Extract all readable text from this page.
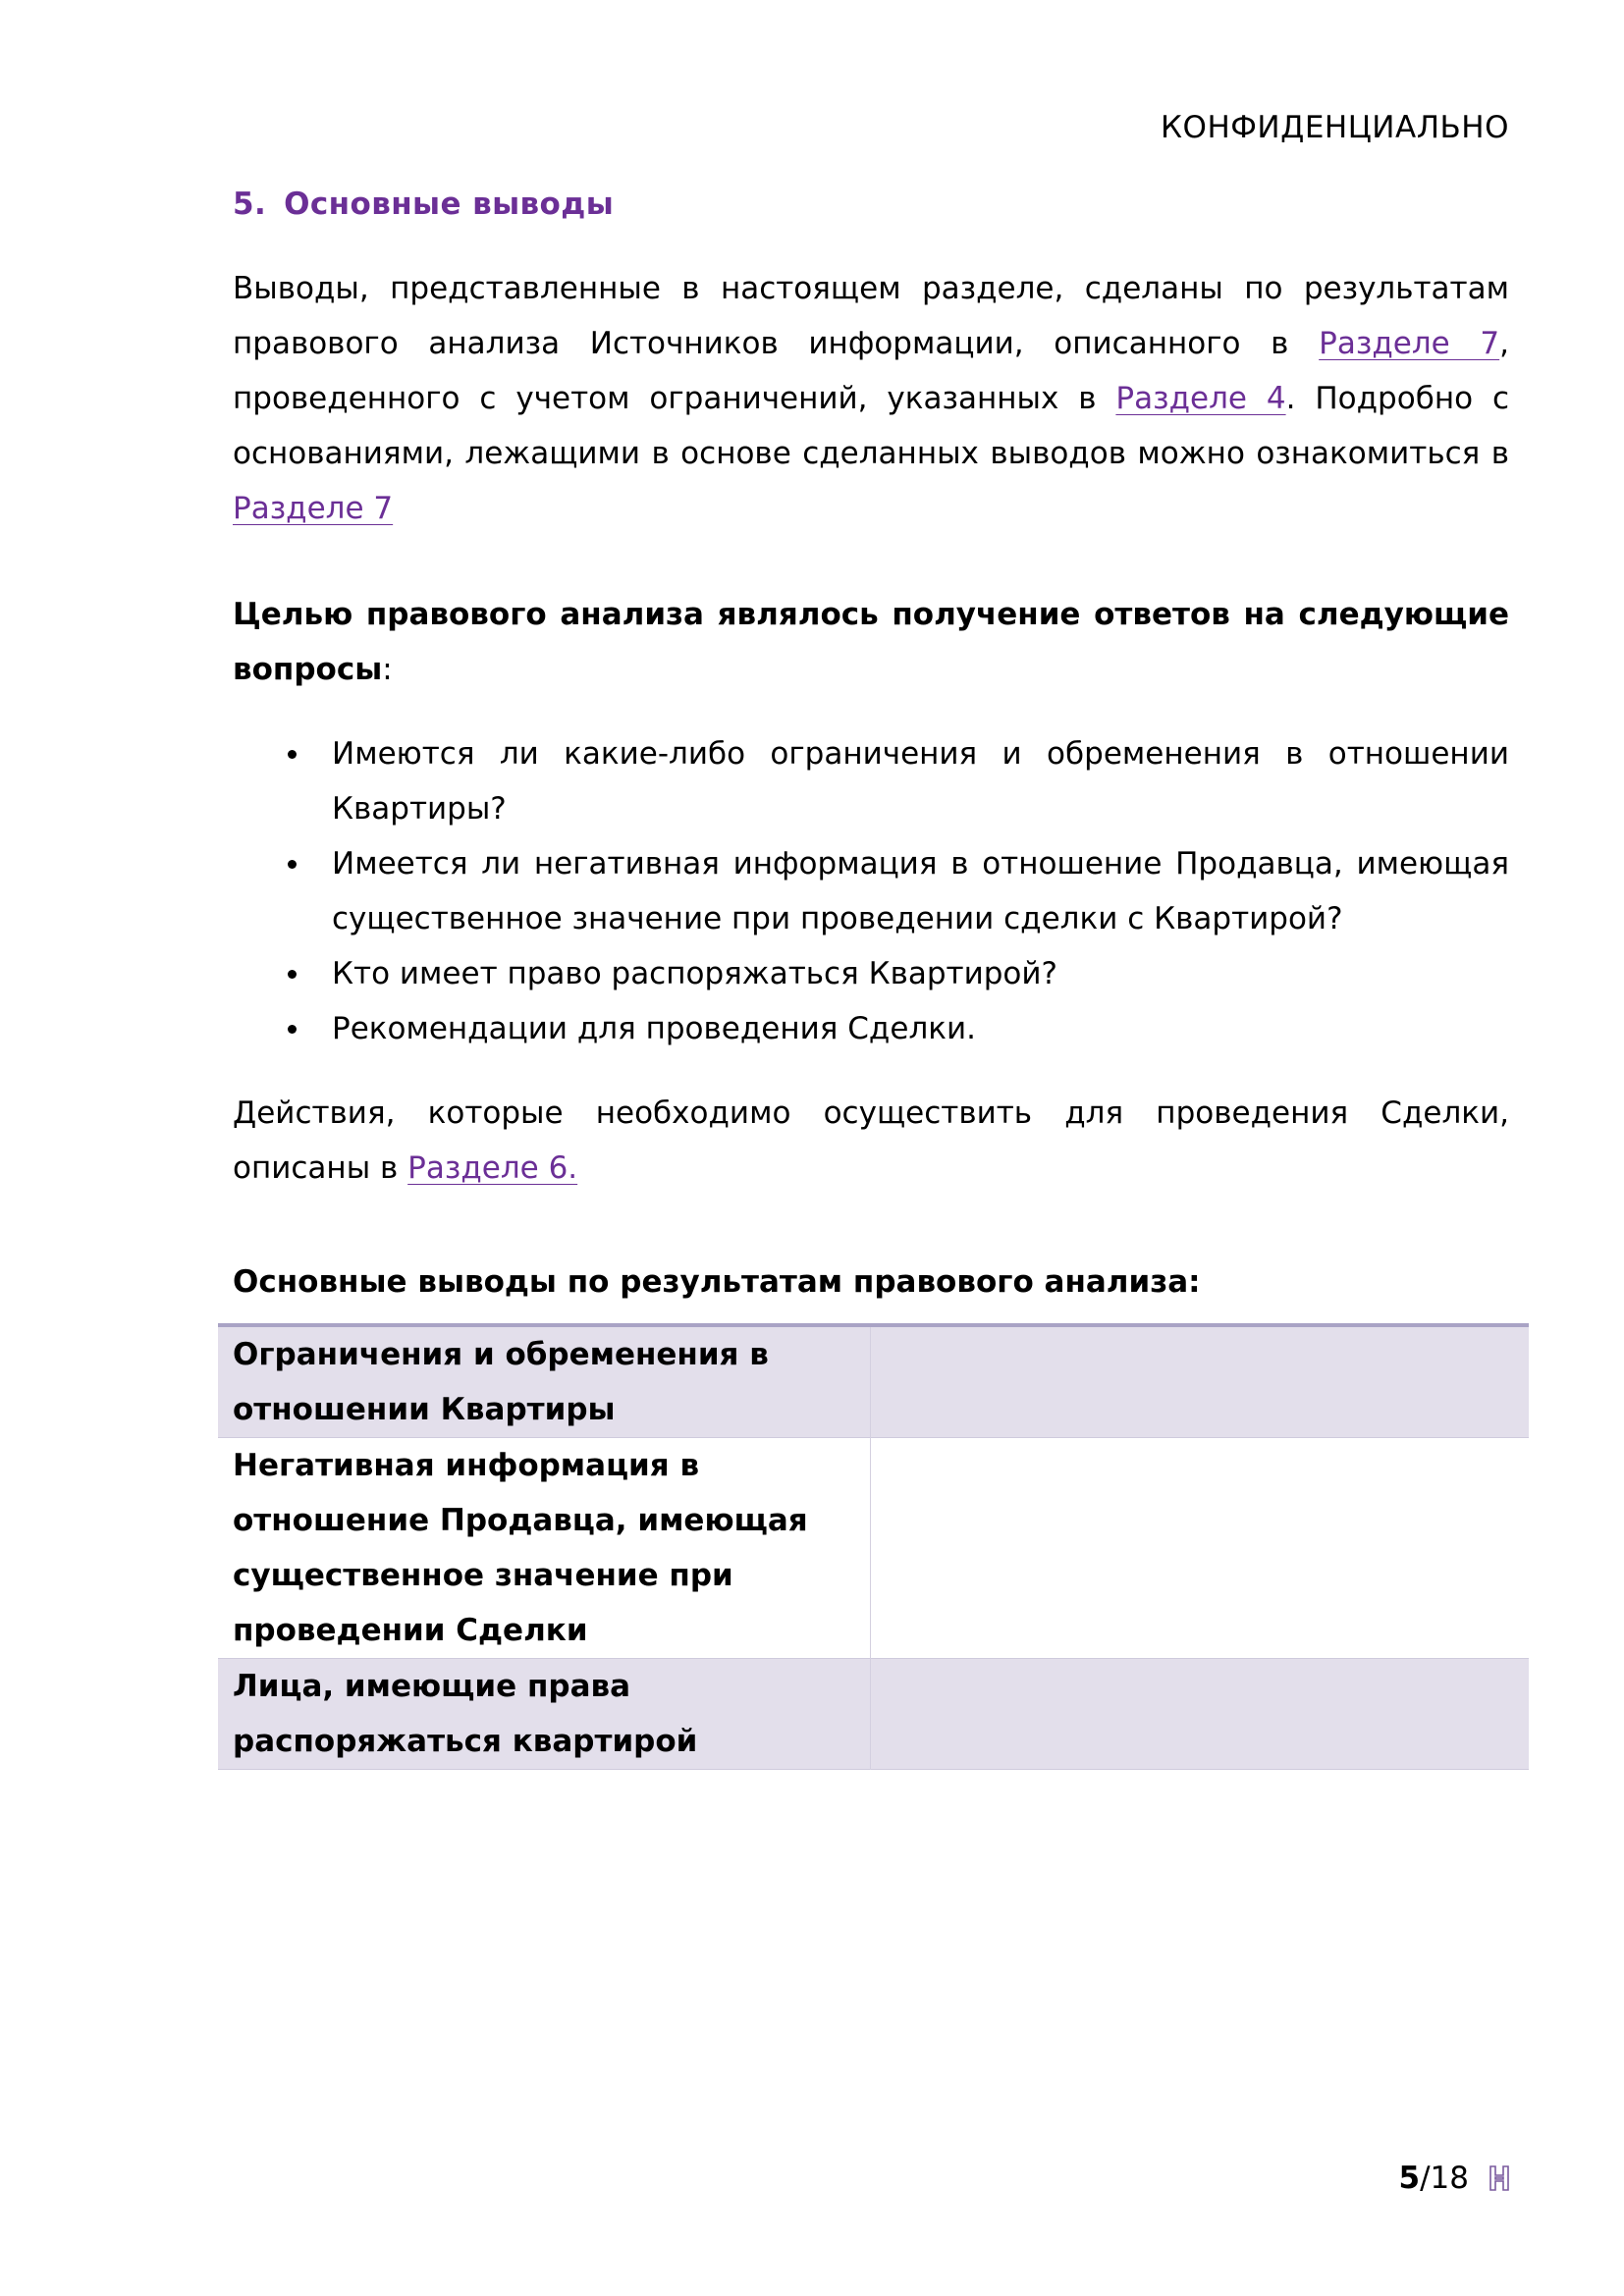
КОНФИДЕНЦИАЛЬНО
5. Основные выводы

Выводы, представленные в настоящем разделе, сделаны по результатам правового анализа Источников информации, описанного в Разделе 7, проведенного с учетом ограничений, указанных в Разделе 4. Подробно с основаниями, лежащими в основе сделанных выводов можно ознакомиться в Разделе 7

Целью правового анализа являлось получение ответов на следующие вопросы:

Имеются ли какие-либо ограничения и обременения в отношении Квартиры?
Имеется ли негативная информация в отношение Продавца, имеющая существенное значение при проведении сделки с Квартирой?
Кто имеет право распоряжаться Квартирой?
Рекомендации для проведения Сделки.

Действия, которые необходимо осуществить для проведения Сделки, описаны в Разделе 6.

Основные выводы по результатам правового анализа:

Ограничения и обременения в отношении Квартиры	
Негативная информация в отношение Продавца, имеющая существенное значение при проведении Сделки	
Лица, имеющие права распоряжаться квартирой	
5 / 18
